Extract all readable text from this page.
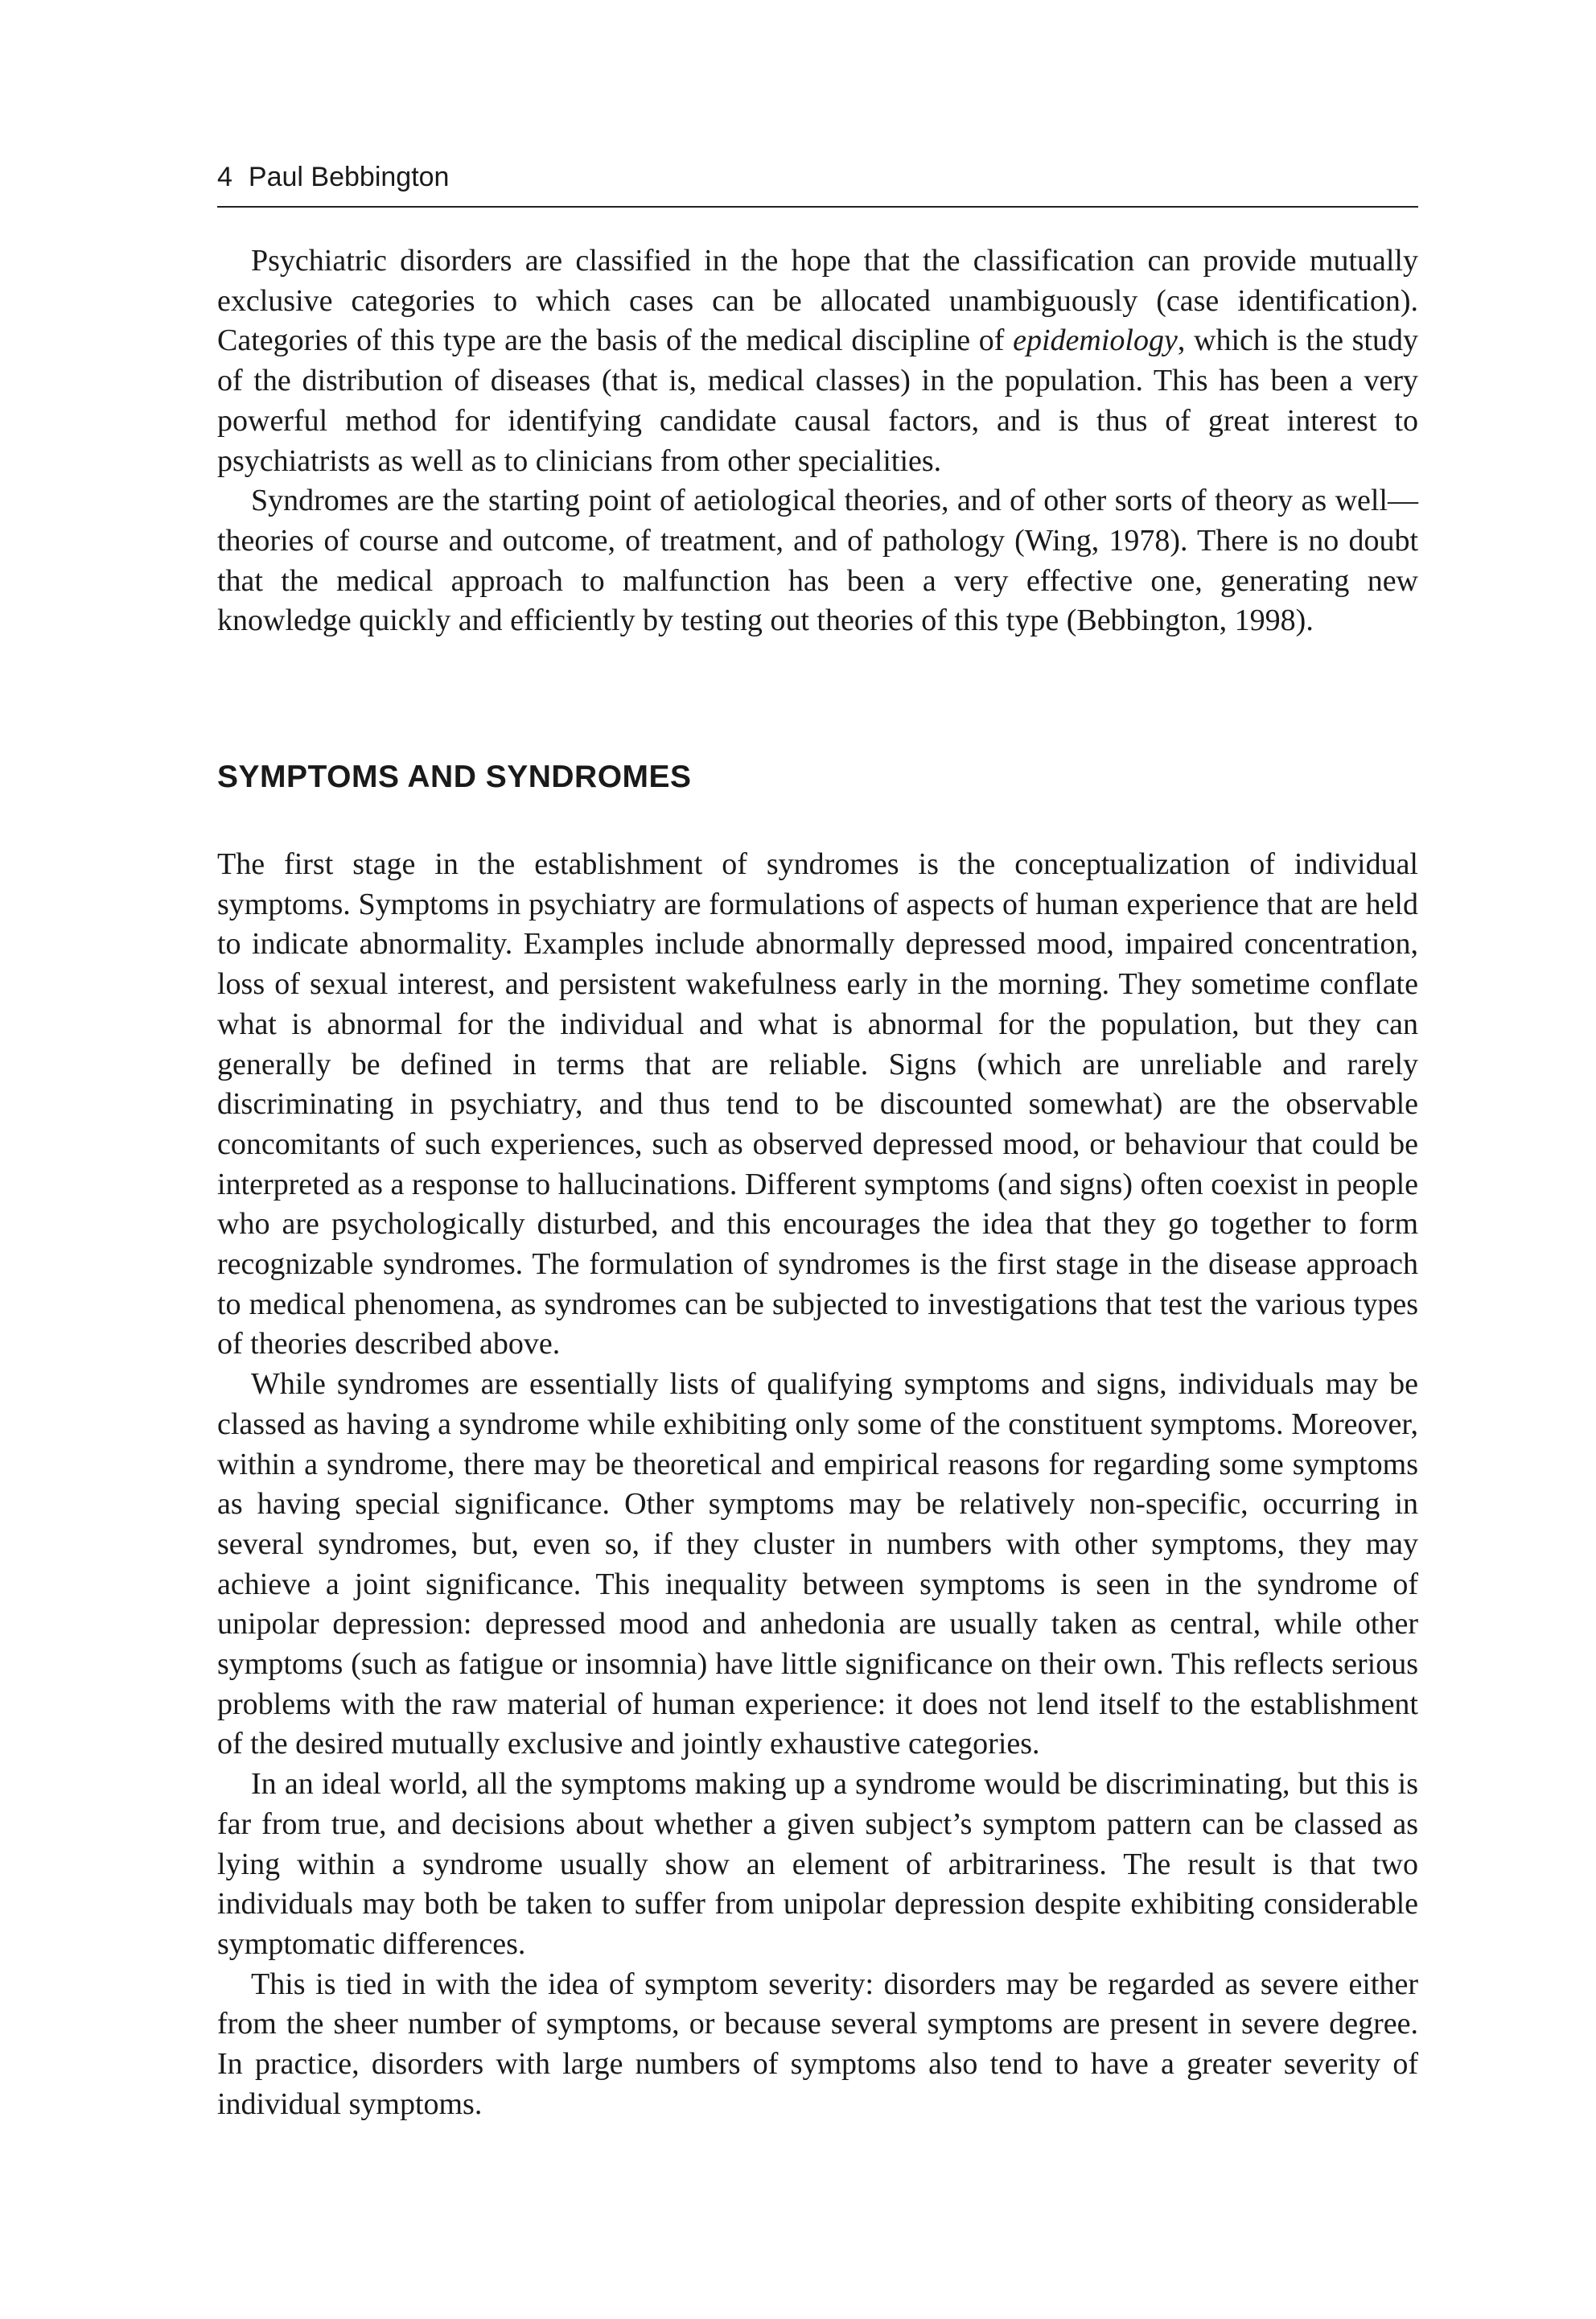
4 Paul Bebbington

Psychiatric disorders are classified in the hope that the classification can provide mutually exclusive categories to which cases can be allocated unambiguously (case identification). Categories of this type are the basis of the medical discipline of epidemiology, which is the study of the distribution of diseases (that is, medical classes) in the population. This has been a very powerful method for identifying candidate causal factors, and is thus of great interest to psychiatrists as well as to clinicians from other specialities.

Syndromes are the starting point of aetiological theories, and of other sorts of theory as well—theories of course and outcome, of treatment, and of pathology (Wing, 1978). There is no doubt that the medical approach to malfunction has been a very effective one, generating new knowledge quickly and efficiently by testing out theories of this type (Bebbington, 1998).

SYMPTOMS AND SYNDROMES

The first stage in the establishment of syndromes is the conceptualization of individual symptoms. Symptoms in psychiatry are formulations of aspects of human experience that are held to indicate abnormality. Examples include abnormally depressed mood, impaired concentration, loss of sexual interest, and persistent wakefulness early in the morning. They sometime conflate what is abnormal for the individual and what is abnormal for the population, but they can generally be defined in terms that are reliable. Signs (which are unreliable and rarely discriminating in psychiatry, and thus tend to be discounted somewhat) are the observable concomitants of such experiences, such as observed depressed mood, or behaviour that could be interpreted as a response to hallucinations. Different symptoms (and signs) often coexist in people who are psychologically disturbed, and this encourages the idea that they go together to form recognizable syndromes. The formulation of syndromes is the first stage in the disease approach to medical phenomena, as syndromes can be subjected to investigations that test the various types of theories described above.

While syndromes are essentially lists of qualifying symptoms and signs, individuals may be classed as having a syndrome while exhibiting only some of the constituent symptoms. Moreover, within a syndrome, there may be theoretical and empirical reasons for regarding some symptoms as having special significance. Other symptoms may be relatively non-specific, occurring in several syndromes, but, even so, if they cluster in numbers with other symptoms, they may achieve a joint significance. This inequality between symptoms is seen in the syndrome of unipolar depression: depressed mood and anhedonia are usually taken as central, while other symptoms (such as fatigue or insomnia) have little significance on their own. This reflects serious problems with the raw material of human experience: it does not lend itself to the establishment of the desired mutually exclusive and jointly exhaustive categories.

In an ideal world, all the symptoms making up a syndrome would be discriminating, but this is far from true, and decisions about whether a given subject’s symptom pattern can be classed as lying within a syndrome usually show an element of arbitrariness. The result is that two individuals may both be taken to suffer from unipolar depression despite exhibiting considerable symptomatic differences.

This is tied in with the idea of symptom severity: disorders may be regarded as severe either from the sheer number of symptoms, or because several symptoms are present in severe degree. In practice, disorders with large numbers of symptoms also tend to have a greater severity of individual symptoms.
